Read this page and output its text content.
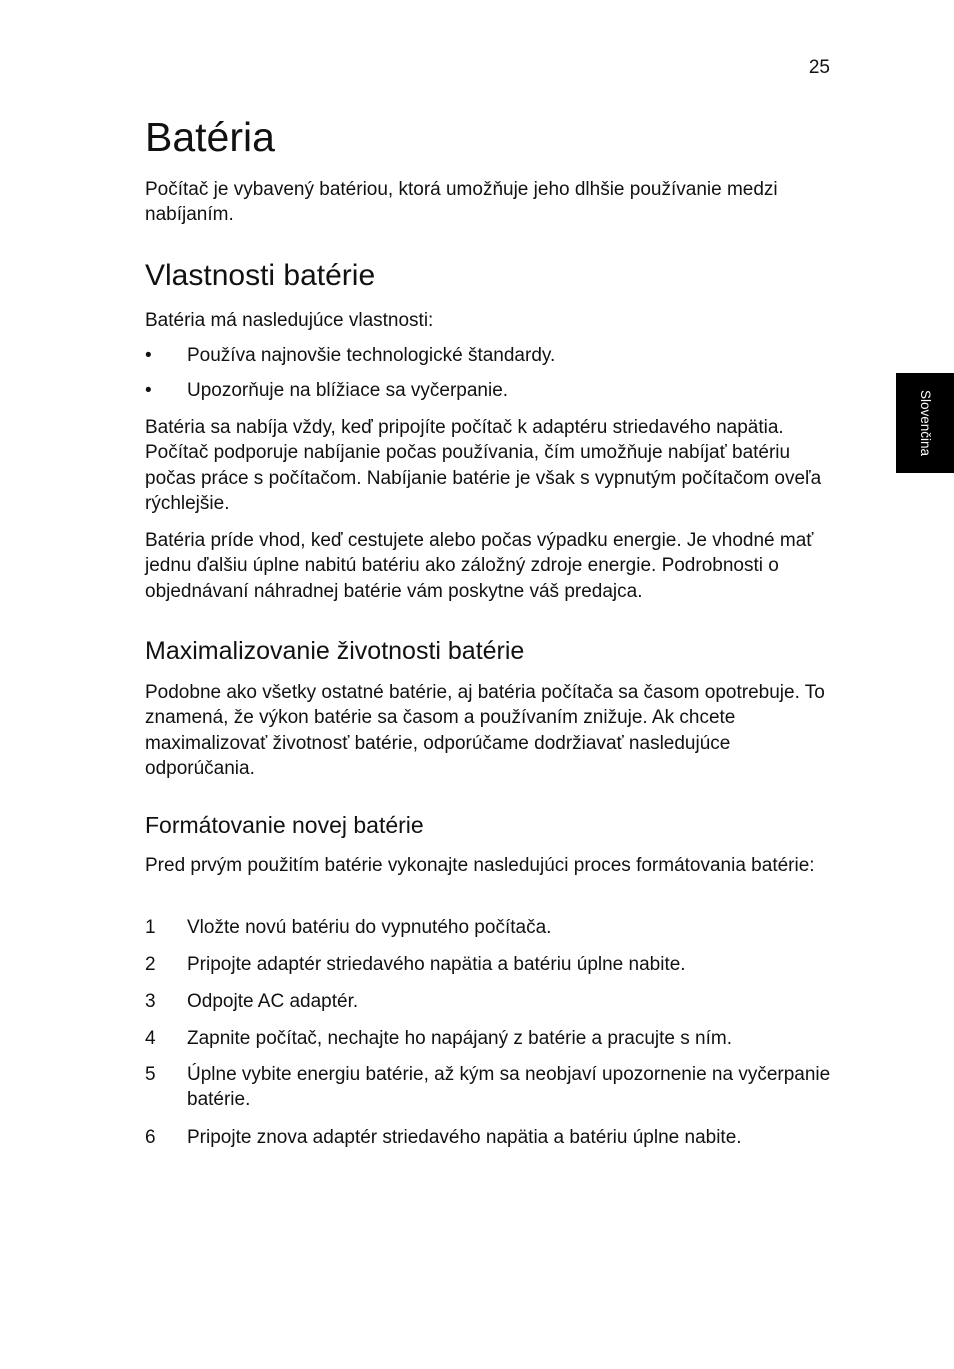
25
Slovenčina
Batéria

Počítač je vybavený batériou, ktorá umožňuje jeho dlhšie používanie medzi nabíjaním.

Vlastnosti batérie

Batéria má nasledujúce vlastnosti:

•	Používa najnovšie technologické štandardy.
•	Upozorňuje na blížiace sa vyčerpanie.

Batéria sa nabíja vždy, keď pripojíte počítač k adaptéru striedavého napätia. Počítač podporuje nabíjanie počas používania, čím umožňuje nabíjať batériu počas práce s počítačom. Nabíjanie batérie je však s vypnutým počítačom oveľa rýchlejšie.

Batéria príde vhod, keď cestujete alebo počas výpadku energie. Je vhodné mať jednu ďalšiu úplne nabitú batériu ako záložný zdroje energie. Podrobnosti o objednávaní náhradnej batérie vám poskytne váš predajca.

Maximalizovanie životnosti batérie

Podobne ako všetky ostatné batérie, aj batéria počítača sa časom opotrebuje. To znamená, že výkon batérie sa časom a používaním znižuje. Ak chcete maximalizovať životnosť batérie, odporúčame dodržiavať nasledujúce odporúčania.

Formátovanie novej batérie

Pred prvým použitím batérie vykonajte nasledujúci proces formátovania batérie:

1	Vložte novú batériu do vypnutého počítača.
2	Pripojte adaptér striedavého napätia a batériu úplne nabite.
3	Odpojte AC adaptér.
4	Zapnite počítač, nechajte ho napájaný z batérie a pracujte s ním.
5	Úplne vybite energiu batérie, až kým sa neobjaví upozornenie na vyčerpanie batérie.
6	Pripojte znova adaptér striedavého napätia a batériu úplne nabite.
